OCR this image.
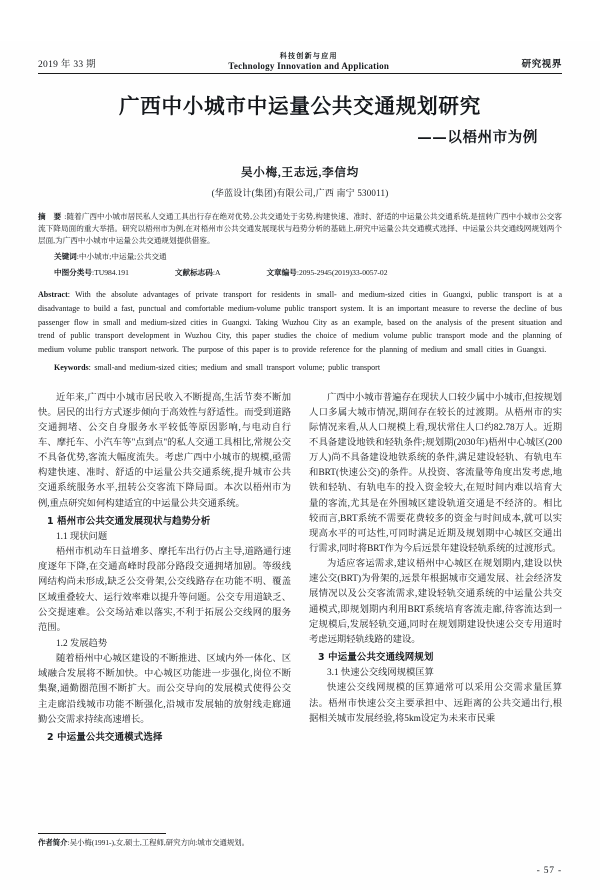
2019 年 33 期
科技创新与应用
Technology Innovation and Application	研究视界
广西中小城市中运量公共交通规划研究
——以梧州市为例
吴小梅,王志远,李信均
(华蓝设计(集团)有限公司,广西 南宁 530011)

摘 要:随着广西中小城市居民私人交通工具出行存在绝对优势,公共交通处于劣势,构建快速、准时、舒适的中运量公共交通系统,是扭转广西中小城市公交客流下降局面的重大举措。研究以梧州市为例,在对梧州市公共交通发展现状与趋势分析的基础上,研究中运量公共交通模式选择、中运量公共交通线网规划两个层面,为广西中小城市中运量公共交通规划提供借鉴。

关键词:中小城市;中运量;公共交通

中图分类号:TU984.191	文献标志码:A	文章编号:2095-2945(2019)33-0057-02

Abstract: With the absolute advantages of private transport for residents in small- and medium-sized cities in Guangxi, public transport is at a disadvantage to build a fast, punctual and comfortable medium-volume public transport system. It is an important measure to reverse the decline of bus passenger flow in small and medium-sized cities in Guangxi. Taking Wuzhou City as an example, based on the analysis of the present situation and trend of public transport development in Wuzhou City, this paper studies the choice of medium volume public transport mode and the planning of medium volume public transport network. The purpose of this paper is to provide reference for the planning of medium and small cities in Guangxi.

Keywords: small-and medium-sized cities; medium and small transport volume; public transport

近年来,广西中小城市居民收入不断提高,生活节奏不断加快。居民的出行方式逐步倾向于高效性与舒适性。而受到道路交通拥堵、公交自身服务水平较低等原因影响,与电动自行车、摩托车、小汽车等"点到点"的私人交通工具相比,常规公交不具备优势,客流大幅度流失。考虑广西中小城市的规模,亟需构建快速、准时、舒适的中运量公共交通系统,提升城市公共交通系统服务水平,扭转公交客流下降局面。本次以梧州市为例,重点研究如何构建适宜的中运量公共交通系统。

1 梧州市公共交通发展现状与趋势分析

1.1 现状问题

梧州市机动车日益增多、摩托车出行仍占主导,道路通行速度逐年下降,在交通高峰时段部分路段交通拥堵加剧。等级线网结构尚未形成,缺乏公交骨架,公交线路存在功能不明、覆盖区域重叠较大、运行效率难以提升等问题。公交专用道缺乏、公交提速难。公交场站难以落实,不利于拓展公交线网的服务范围。

1.2 发展趋势

随着梧州中心城区建设的不断推进、区域内外一体化、区域融合发展将不断加快。中心城区功能进一步强化,岗位不断集聚,通勤圈范围不断扩大。而公交导向的发展模式使得公交主走廊沿线城市功能不断强化,沿城市发展轴的放射线走廊通勤公交需求持续高速增长。

2 中运量公共交通模式选择

广西中小城市普遍存在现状人口较少属中小城市,但按规划人口多属大城市情况,期间存在较长的过渡期。从梧州市的实际情况来看,从人口规模上看,现状常住人口约82.78万人。近期不具备建设地铁和轻轨条件;规划期(2030年)梧州中心城区(200万人)尚不具备建设地铁系统的条件,满足建设轻轨、有轨电车和BRT(快速公交)的条件。从投资、客流量等角度出发考虑,地铁和轻轨、有轨电车的投入资金较大,在短时间内难以培育大量的客流,尤其是在外围城区建设轨道交通是不经济的。相比较而言,BRT系统不需要花费较多的资金与时间成本,就可以实现高水平的可达性,可同时满足近期及规划期中心城区交通出行需求,同时将BRT作为今后远景年建设轻轨系统的过渡形式。

为适应客运需求,建议梧州中心城区在规划期内,建设以快速公交(BRT)为骨架的,远景年根据城市交通发展、社会经济发展情况以及公交客流需求,建设轻轨交通系统的中运量公共交通模式,即规划期内利用BRT系统培育客流走廊,待客流达到一定规模后,发展轻轨交通,同时在规划期建设快速公交专用道时考虑远期轻轨线路的建设。

3 中运量公共交通线网规划

3.1 快速公交线网规模匡算

快速公交线网规模的匡算通常可以采用公交需求量匡算法。梧州市快速公交主要承担中、远距离的公共交通出行,根据相关城市发展经验,将5km设定为未来市民乘

作者简介:吴小梅(1991-),女,硕士,工程师,研究方向:城市交通规划。
- 57 -
